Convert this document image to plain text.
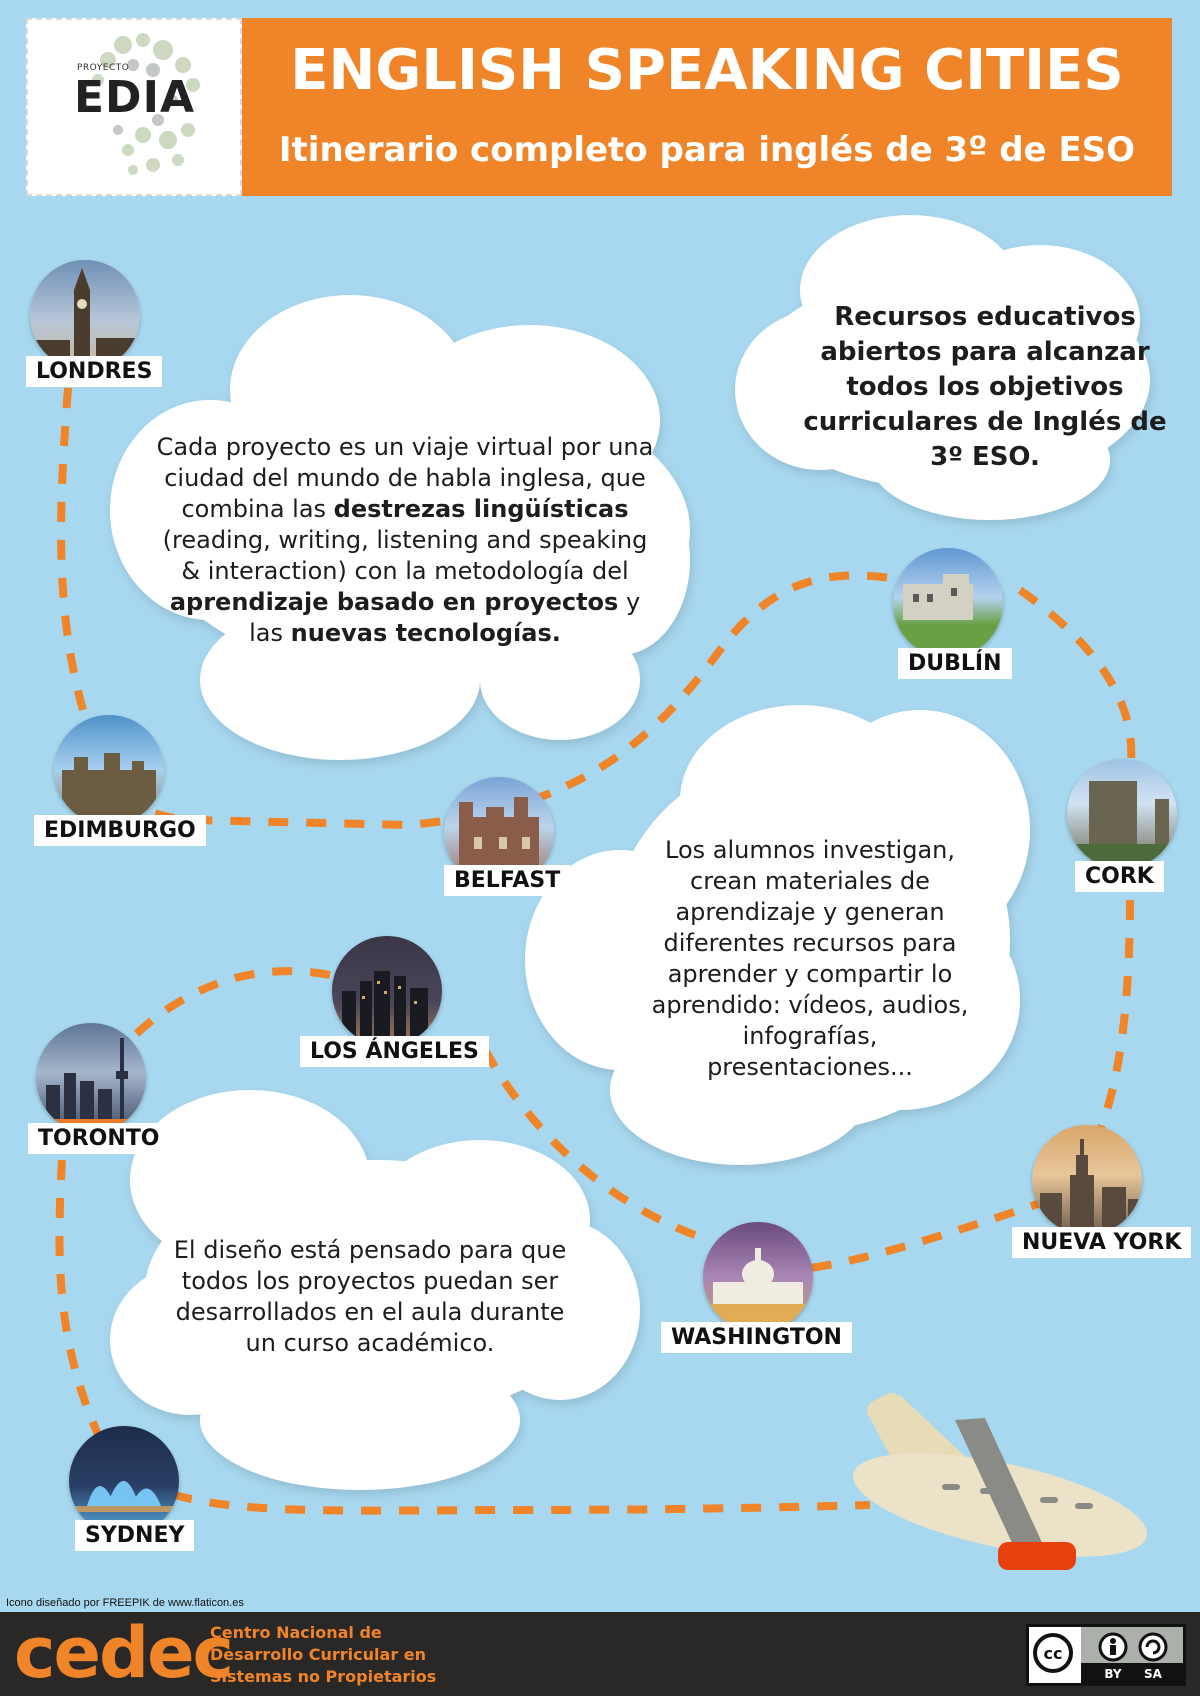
PROYECTO
EDIA	ENGLISH SPEAKING CITIES
Itinerario completo para inglés de 3º de ESO
Cada proyecto es un viaje virtual por una ciudad del mundo de habla inglesa, que combina las destrezas lingüísticas (reading, writing, listening and speaking & interaction) con la metodología del aprendizaje basado en proyectos y las nuevas tecnologías.
Recursos educativos abiertos para alcanzar todos los objetivos curriculares de Inglés de 3º ESO.
Los alumnos investigan, crean materiales de aprendizaje y generan diferentes recursos para aprender y compartir lo aprendido: vídeos, audios, infografías, presentaciones...
El diseño está pensado para que todos los proyectos puedan ser desarrollados en el aula durante un curso académico.
LONDRES
EDIMBURGO
BELFAST
DUBLÍN
CORK
LOS ÁNGELES
TORONTO
NUEVA YORK
WASHINGTON
SYDNEY
Icono diseñado por FREEPIK de www.flaticon.es
cedec
Centro Nacional de Desarrollo Curricular en Sistemas no Propietarios
cc
BY SA
